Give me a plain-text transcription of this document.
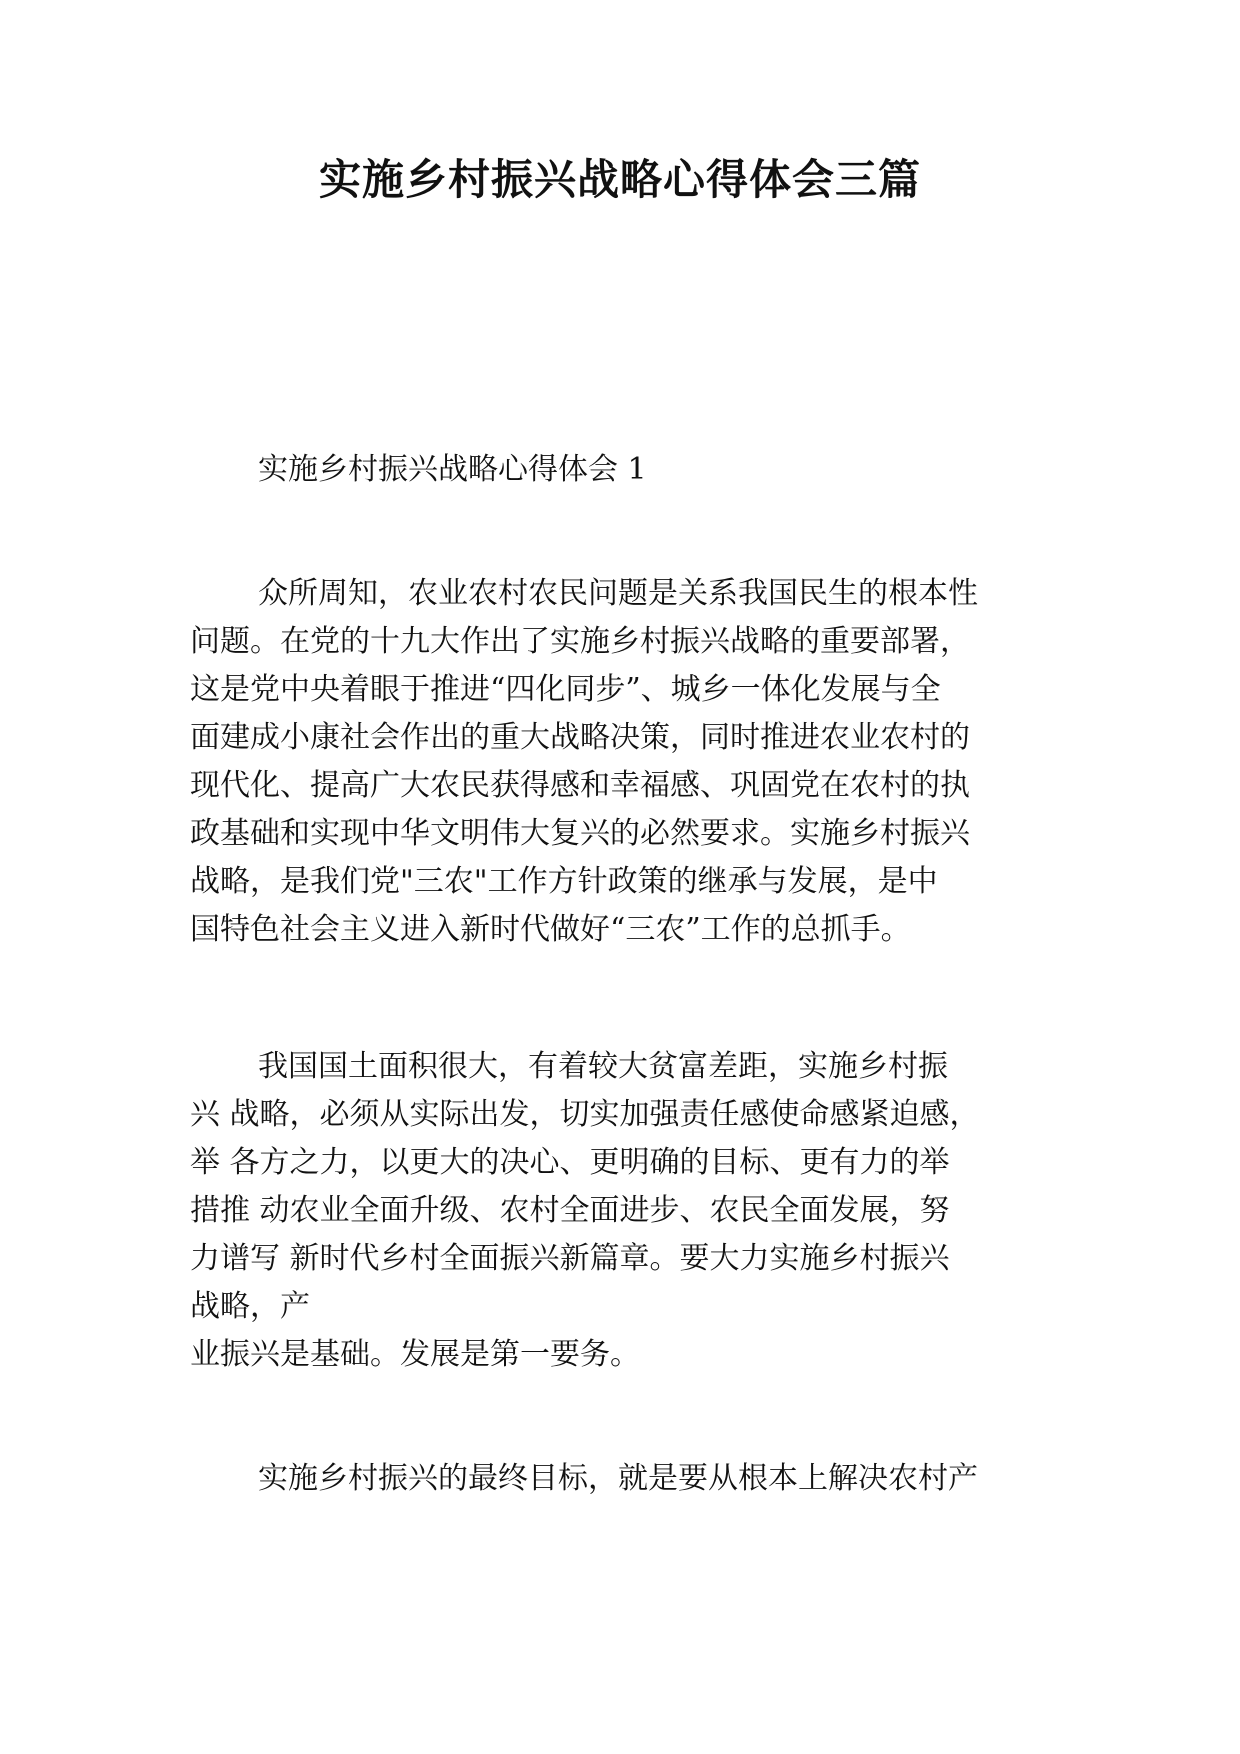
实施乡村振兴战略心得体会三篇
实施乡村振兴战略心得体会 1
众所周知，农业农村农民问题是关系我国民生的根本性
问题。在党的十九大作出了实施乡村振兴战略的重要部署，
这是党中央着眼于推进“四化同步”、城乡一体化发展与全
面建成小康社会作出的重大战略决策，同时推进农业农村的
现代化、提高广大农民获得感和幸福感、巩固党在农村的执
政基础和实现中华文明伟大复兴的必然要求。实施乡村振兴
战略，是我们党"三农"工作方针政策的继承与发展，是中
国特色社会主义进入新时代做好“三农”工作的总抓手。
我国国土面积很大，有着较大贫富差距，实施乡村振
兴 战略，必须从实际出发，切实加强责任感使命感紧迫感，
举 各方之力，以更大的决心、更明确的目标、更有力的举
措推 动农业全面升级、农村全面进步、农民全面发展，努
力谱写 新时代乡村全面振兴新篇章。要大力实施乡村振兴
战略，产
业振兴是基础。发展是第一要务。
实施乡村振兴的最终目标，就是要从根本上解决农村产
